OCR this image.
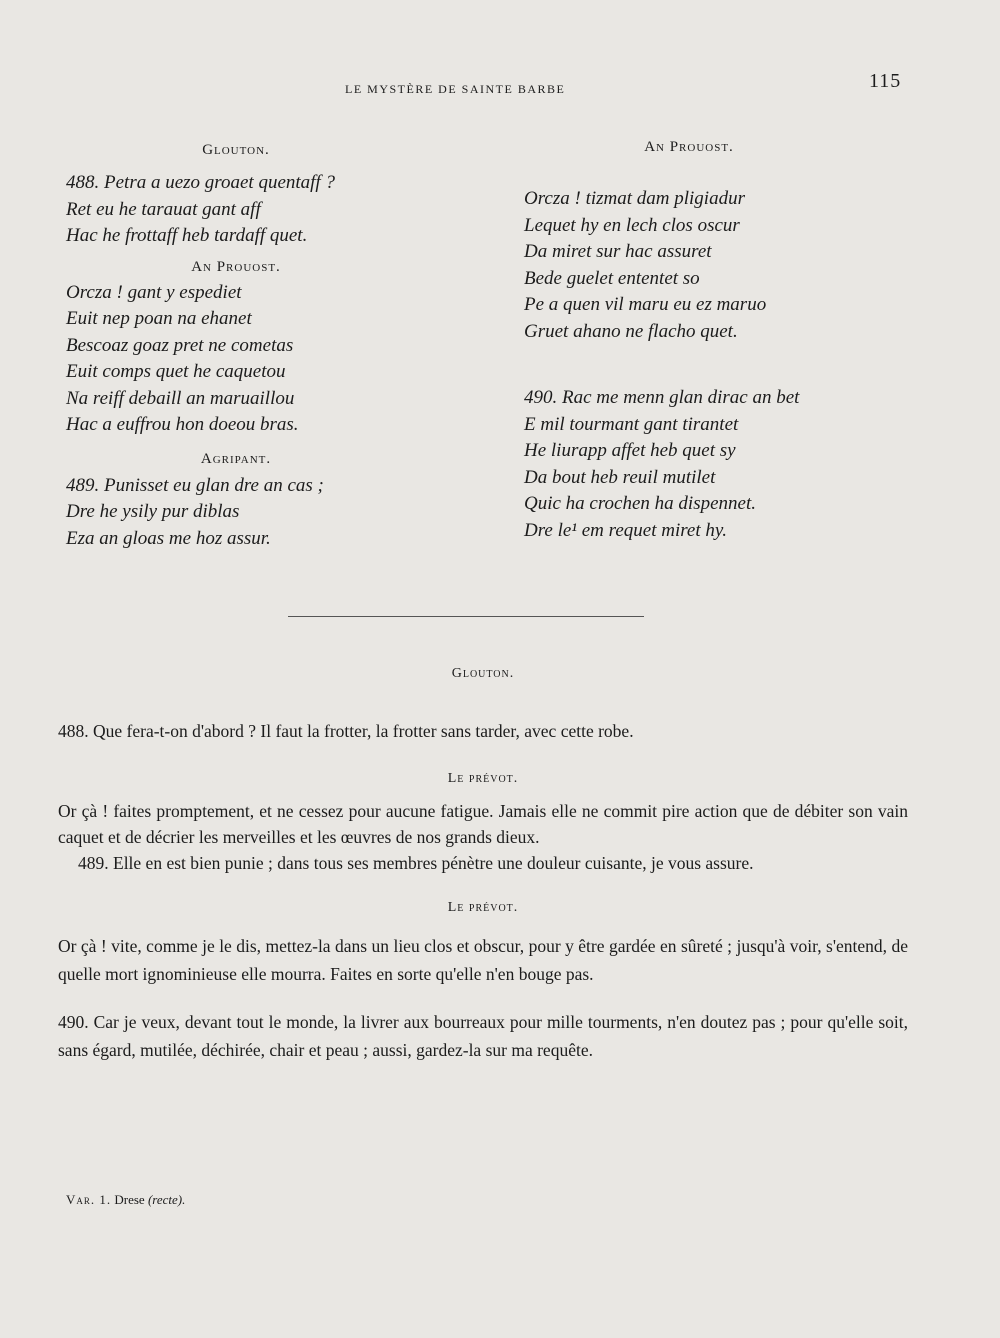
LE MYSTÈRE DE SAINTE BARBE	115
Glouton.
488. Petra a uezo groaet quentaff ?
Ret eu he tarauat gant aff
Hac he frottaff heb tardaff quet.
An Prouost.
Orcza ! gant y espediet
Euit nep poan na ehanet
Bescoaz goaz pret ne cometas
Euit comps quet he caquetou
Na reiff debaill an maruaillou
Hac a euffrou hon doeou bras.
Agripant.
489. Punisset eu glan dre an cas ;
Dre he ysily pur diblas
Eza an gloas me hoz assur.
An Prouost.
Orcza ! tizmat dam pligiadur
Lequet hy en lech clos oscur
Da miret sur hac assuret
Bede guelet ententet so
Pe a quen vil maru eu ez maruo
Gruet ahano ne flacho quet.
490. Rac me menn glan dirac an bet
E mil tourmant gant tirantet
He liurapp affet heb quet sy
Da bout heb reuil mutilet
Quic ha crochen ha dispennet.
Dre le¹ em requet miret hy.
Glouton.

488. Que fera-t-on d'abord ? Il faut la frotter, la frotter sans tarder, avec cette robe.

Le prévot.

Or çà ! faites promptement, et ne cessez pour aucune fatigue. Jamais elle ne commit pire action que de débiter son vain caquet et de décrier les merveilles et les œuvres de nos grands dieux.

489. Elle en est bien punie ; dans tous ses membres pénètre une douleur cuisante, je vous assure.

Le prévot.

Or çà ! vite, comme je le dis, mettez-la dans un lieu clos et obscur, pour y être gardée en sûreté ; jusqu'à voir, s'entend, de quelle mort ignominieuse elle mourra. Faites en sorte qu'elle n'en bouge pas.

490. Car je veux, devant tout le monde, la livrer aux bourreaux pour mille tourments, n'en doutez pas ; pour qu'elle soit, sans égard, mutilée, déchirée, chair et peau ; aussi, gardez-la sur ma requête.

Var. 1. Drese (recte).
